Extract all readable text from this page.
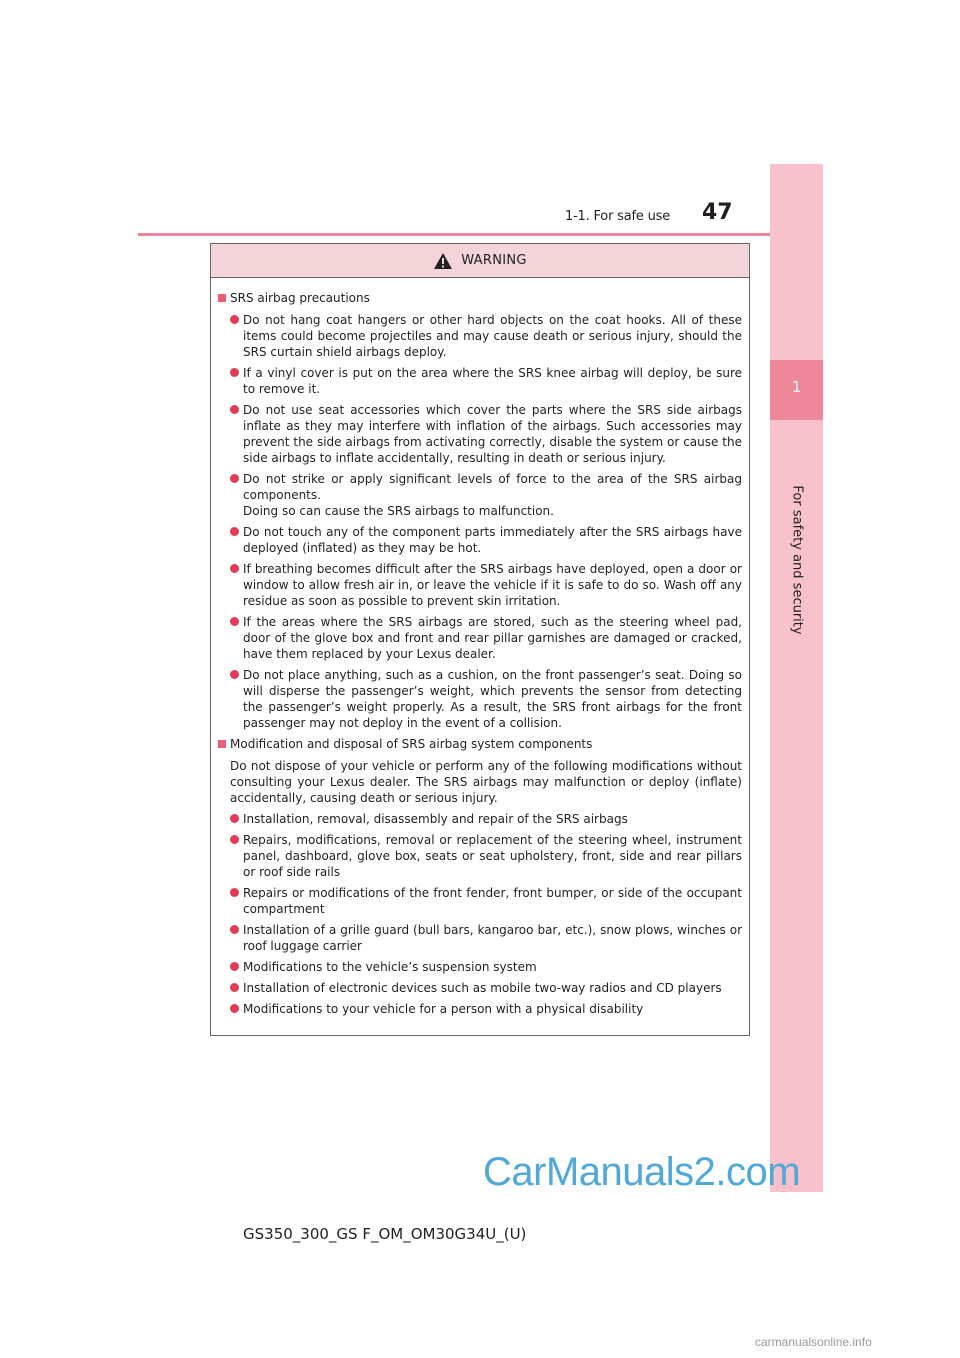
1-1. For safe use 47
1
For safety and security
WARNING
SRS airbag precautions
Do not hang coat hangers or other hard objects on the coat hooks. All of these items could become projectiles and may cause death or serious injury, should the SRS curtain shield airbags deploy.
If a vinyl cover is put on the area where the SRS knee airbag will deploy, be sure to remove it.
Do not use seat accessories which cover the parts where the SRS side airbags inflate as they may interfere with inflation of the airbags. Such accessories may prevent the side airbags from activating correctly, disable the system or cause the side airbags to inflate accidentally, resulting in death or serious injury.
Do not strike or apply significant levels of force to the area of the SRS airbag components.
Doing so can cause the SRS airbags to malfunction.
Do not touch any of the component parts immediately after the SRS airbags have deployed (inflated) as they may be hot.
If breathing becomes difficult after the SRS airbags have deployed, open a door or window to allow fresh air in, or leave the vehicle if it is safe to do so. Wash off any residue as soon as possible to prevent skin irritation.
If the areas where the SRS airbags are stored, such as the steering wheel pad, door of the glove box and front and rear pillar garnishes are damaged or cracked, have them replaced by your Lexus dealer.
Do not place anything, such as a cushion, on the front passenger’s seat. Doing so will disperse the passenger’s weight, which prevents the sensor from detecting the passenger’s weight properly. As a result, the SRS front airbags for the front passenger may not deploy in the event of a collision.
Modification and disposal of SRS airbag system components
Do not dispose of your vehicle or perform any of the following modifications without consulting your Lexus dealer. The SRS airbags may malfunction or deploy (inflate) accidentally, causing death or serious injury.
Installation, removal, disassembly and repair of the SRS airbags
Repairs, modifications, removal or replacement of the steering wheel, instrument panel, dashboard, glove box, seats or seat upholstery, front, side and rear pillars or roof side rails
Repairs or modifications of the front fender, front bumper, or side of the occupant compartment
Installation of a grille guard (bull bars, kangaroo bar, etc.), snow plows, winches or roof luggage carrier
Modifications to the vehicle’s suspension system
Installation of electronic devices such as mobile two-way radios and CD players
Modifications to your vehicle for a person with a physical disability
GS350_300_GS F_OM_OM30G34U_(U)
CarManuals2.com
carmanualsonline.info
